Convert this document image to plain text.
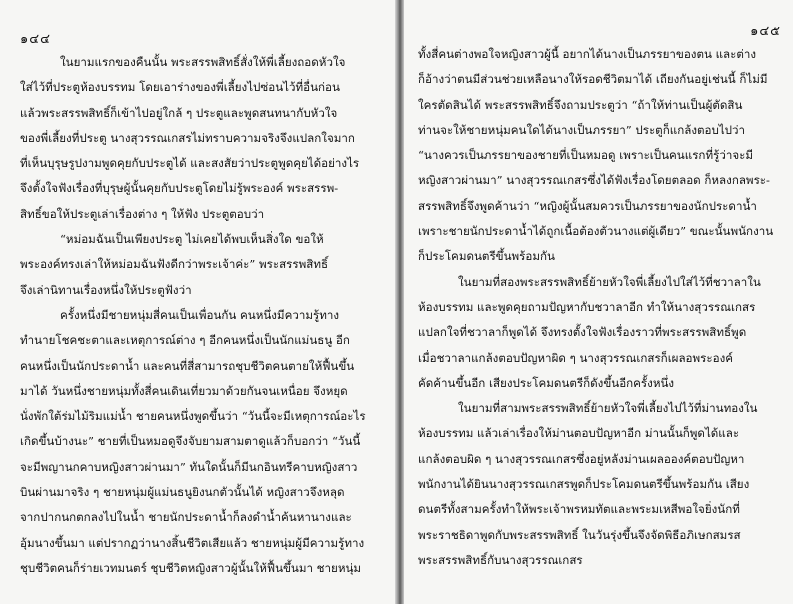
๑๔๔
ในยามแรกของคืนนั้น พระสรรพสิทธิ์สั่งให้พี่เลี้ยงถอดหัวใจ
ใส่ไว้ที่ประตูห้องบรรทม โดยเอาร่างของพี่เลี้ยงไปซ่อนไว้ที่อื่นก่อน
แล้วพระสรรพสิทธิ์ก็เข้าไปอยู่ใกล้ ๆ ประตูและพูดสนทนากับหัวใจ
ของพี่เลี้ยงที่ประตู นางสุวรรณเกสรไม่ทราบความจริงจึงแปลกใจมาก
ที่เห็นบุรุษรูปงามพูดคุยกับประตูได้ และสงสัยว่าประตูพูดคุยได้อย่างไร
จึงตั้งใจฟังเรื่องที่บุรุษผู้นั้นคุยกับประตูโดยไม่รู้พระองค์ พระสรรพ-
สิทธิ์ขอให้ประตูเล่าเรื่องต่าง ๆ ให้ฟัง ประตูตอบว่า
“หม่อมฉันเป็นเพียงประตู ไม่เคยได้พบเห็นสิ่งใด ขอให้
พระองค์ทรงเล่าให้หม่อมฉันฟังดีกว่าพระเจ้าค่ะ” พระสรรพสิทธิ์
จึงเล่านิทานเรื่องหนึ่งให้ประตูฟังว่า
ครั้งหนึ่งมีชายหนุ่มสี่คนเป็นเพื่อนกัน คนหนึ่งมีความรู้ทาง
ทำนายโชคชะตาและเหตุการณ์ต่าง ๆ อีกคนหนึ่งเป็นนักแม่นธนู อีก
คนหนึ่งเป็นนักประดาน้ำ และคนที่สี่สามารถชุบชีวิตคนตายให้ฟื้นขึ้น
มาได้ วันหนึ่งชายหนุ่มทั้งสี่คนเดินเที่ยวมาด้วยกันจนเหนื่อย จึงหยุด
นั่งพักใต้ร่มไม้ริมแม่น้ำ ชายคนหนึ่งพูดขึ้นว่า “วันนี้จะมีเหตุการณ์อะไร
เกิดขึ้นบ้างนะ” ชายที่เป็นหมอดูจึงจับยามสามตาดูแล้วก็บอกว่า “วันนี้
จะมีพญานกคาบหญิงสาวผ่านมา” ทันใดนั้นก็มีนกอินทรีคาบหญิงสาว
บินผ่านมาจริง ๆ ชายหนุ่มผู้แม่นธนูยิงนกตัวนั้นได้ หญิงสาวจึงหลุด
จากปากนกตกลงไปในน้ำ ชายนักประดาน้ำก็ลงดำน้ำค้นหานางและ
อุ้มนางขึ้นมา แต่ปรากฏว่านางสิ้นชีวิตเสียแล้ว ชายหนุ่มผู้มีความรู้ทาง
ชุบชีวิตคนก็ร่ายเวทมนตร์ ชุบชีวิตหญิงสาวผู้นั้นให้ฟื้นขึ้นมา ชายหนุ่ม
๑๔๕
ทั้งสี่คนต่างพอใจหญิงสาวผู้นี้ อยากได้นางเป็นภรรยาของตน และต่าง
ก็อ้างว่าตนมีส่วนช่วยเหลือนางให้รอดชีวิตมาได้ เถียงกันอยู่เช่นนี้ ก็ไม่มี
ใครตัดสินได้ พระสรรพสิทธิ์จึงถามประตูว่า “ถ้าให้ท่านเป็นผู้ตัดสิน
ท่านจะให้ชายหนุ่มคนใดได้นางเป็นภรรยา” ประตูก็แกล้งตอบไปว่า
“นางควรเป็นภรรยาของชายที่เป็นหมอดู เพราะเป็นคนแรกที่รู้ว่าจะมี
หญิงสาวผ่านมา” นางสุวรรณเกสรซึ่งได้ฟังเรื่องโดยตลอด ก็หลงกลพระ-
สรรพสิทธิ์จึงพูดค้านว่า “หญิงผู้นั้นสมควรเป็นภรรยาของนักประดาน้ำ
เพราะชายนักประดาน้ำได้ถูกเนื้อต้องตัวนางแต่ผู้เดียว” ขณะนั้นพนักงาน
ก็ประโคมดนตรีขึ้นพร้อมกัน
ในยามที่สองพระสรรพสิทธิ์ย้ายหัวใจพี่เลี้ยงไปใส่ไว้ที่ชวาลาใน
ห้องบรรทม และพูดคุยถามปัญหากับชวาลาอีก ทำให้นางสุวรรณเกสร
แปลกใจที่ชวาลาก็พูดได้ จึงทรงตั้งใจฟังเรื่องราวที่พระสรรพสิทธิ์พูด
เมื่อชวาลาแกล้งตอบปัญหาผิด ๆ นางสุวรรณเกสรก็เผลอพระองค์
คัดค้านขึ้นอีก เสียงประโคมดนตรีก็ดังขึ้นอีกครั้งหนึ่ง
ในยามที่สามพระสรรพสิทธิ์ย้ายหัวใจพี่เลี้ยงไปไว้ที่ม่านทองใน
ห้องบรรทม แล้วเล่าเรื่องให้ม่านตอบปัญหาอีก ม่านนั้นก็พูดได้และ
แกล้งตอบผิด ๆ นางสุวรรณเกสรซึ่งอยู่หลังม่านเผลอองค์ตอบปัญหา
พนักงานได้ยินนางสุวรรณเกสรพูดก็ประโคมดนตรีขึ้นพร้อมกัน เสียง
ดนตรีทั้งสามครั้งทำให้พระเจ้าพรหมทัตและพระมเหสีพอใจยิ่งนักที่
พระราชธิดาพูดกับพระสรรพสิทธิ์ ในวันรุ่งขึ้นจึงจัดพิธีอภิเษกสมรส
พระสรรพสิทธิ์กับนางสุวรรณเกสร
